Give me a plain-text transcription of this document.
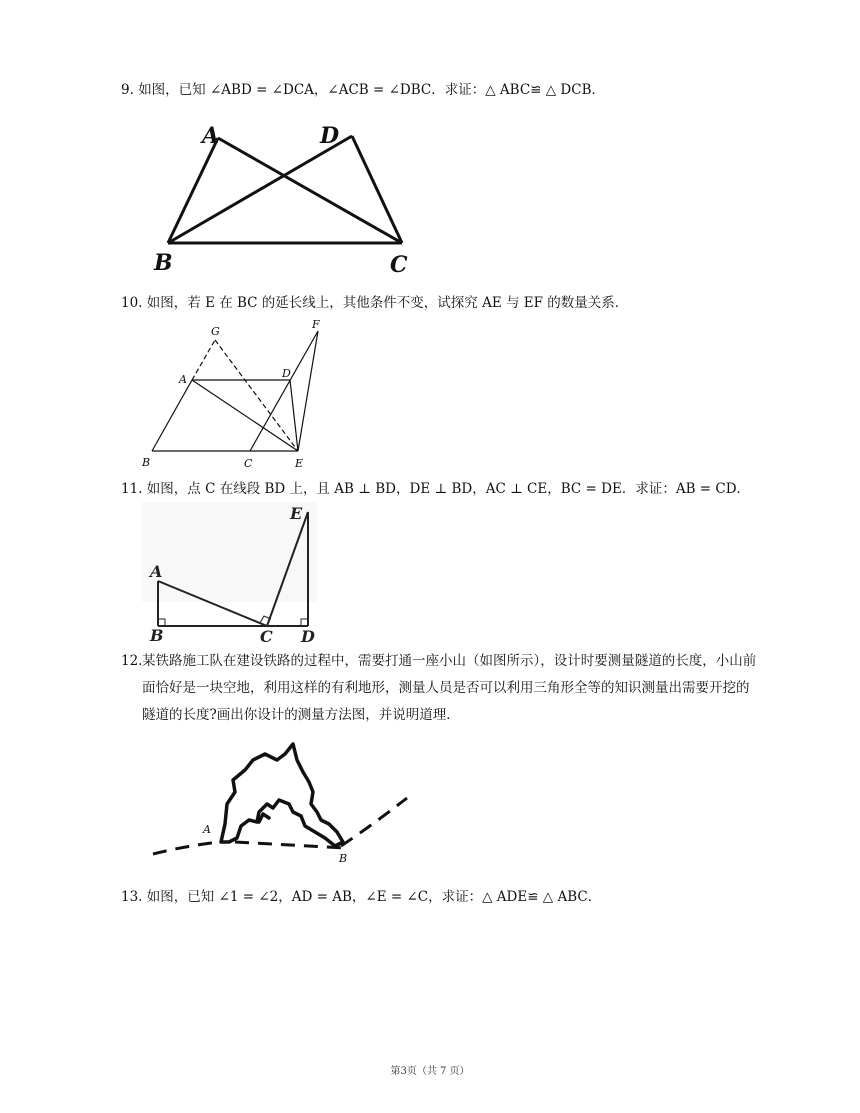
9. 如图，已知 ∠ABD = ∠DCA，∠ACB = ∠DBC．求证：△ ABC≌ △ DCB．
A	D
B	C
10. 如图，若 E 在 BC 的延长线上，其他条件不变，试探究 AE 与 EF 的数量关系．
G
F
A	D
B	C	E
11. 如图，点 C 在线段 BD 上，且 AB ⊥ BD，DE ⊥ BD，AC ⊥ CE，BC = DE．求证：AB = CD．
E
A
B	C D
12. 某铁路施工队在建设铁路的过程中，需要打通一座小山（如图所示），设计时要测量隧道的长度，小山前面恰好是一块空地，利用这样的有利地形，测量人员是否可以利用三角形全等的知识测量出需要开挖的隧道的长度?画出你设计的测量方法图，并说明道理．
A
B
13. 如图，已知 ∠1 = ∠2，AD = AB，∠E = ∠C，求证：△ ADE≌ △ ABC．
第3页（共 7 页）
